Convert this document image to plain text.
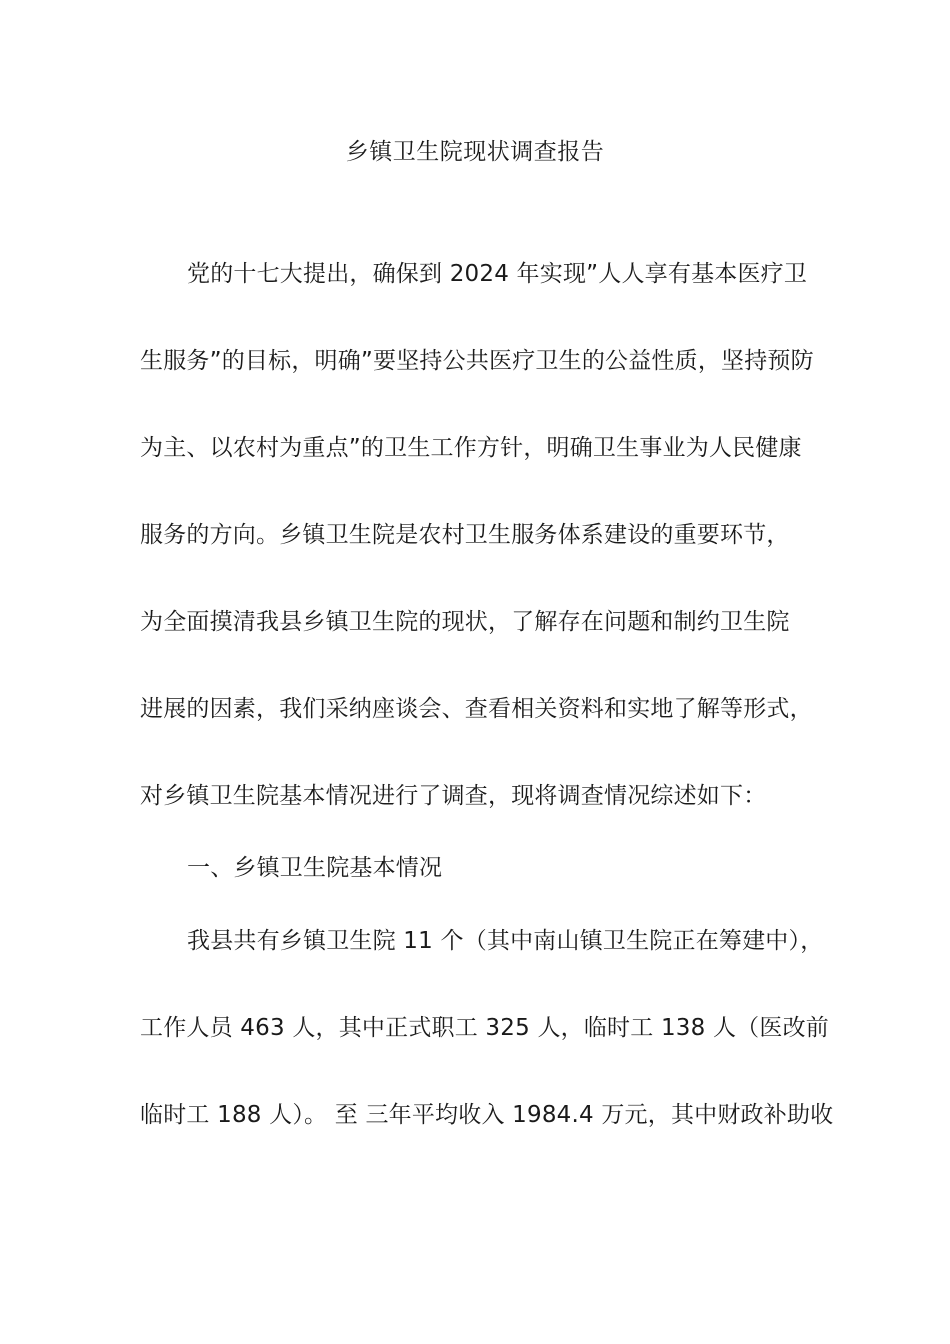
乡镇卫生院现状调查报告
党的十七大提出，确保到 2024 年实现”人人享有基本医疗卫
生服务”的目标，明确”要坚持公共医疗卫生的公益性质，坚持预防
为主、以农村为重点”的卫生工作方针，明确卫生事业为人民健康
服务的方向。乡镇卫生院是农村卫生服务体系建设的重要环节，
为全面摸清我县乡镇卫生院的现状，了解存在问题和制约卫生院
进展的因素，我们采纳座谈会、查看相关资料和实地了解等形式，
对乡镇卫生院基本情况进行了调查，现将调查情况综述如下：
一、乡镇卫生院基本情况
我县共有乡镇卫生院 11 个（其中南山镇卫生院正在筹建中），
工作人员 463 人，其中正式职工 325 人，临时工 138 人（医改前
临时工 188 人）。 至 三年平均收入 1984.4 万元，其中财政补助收
